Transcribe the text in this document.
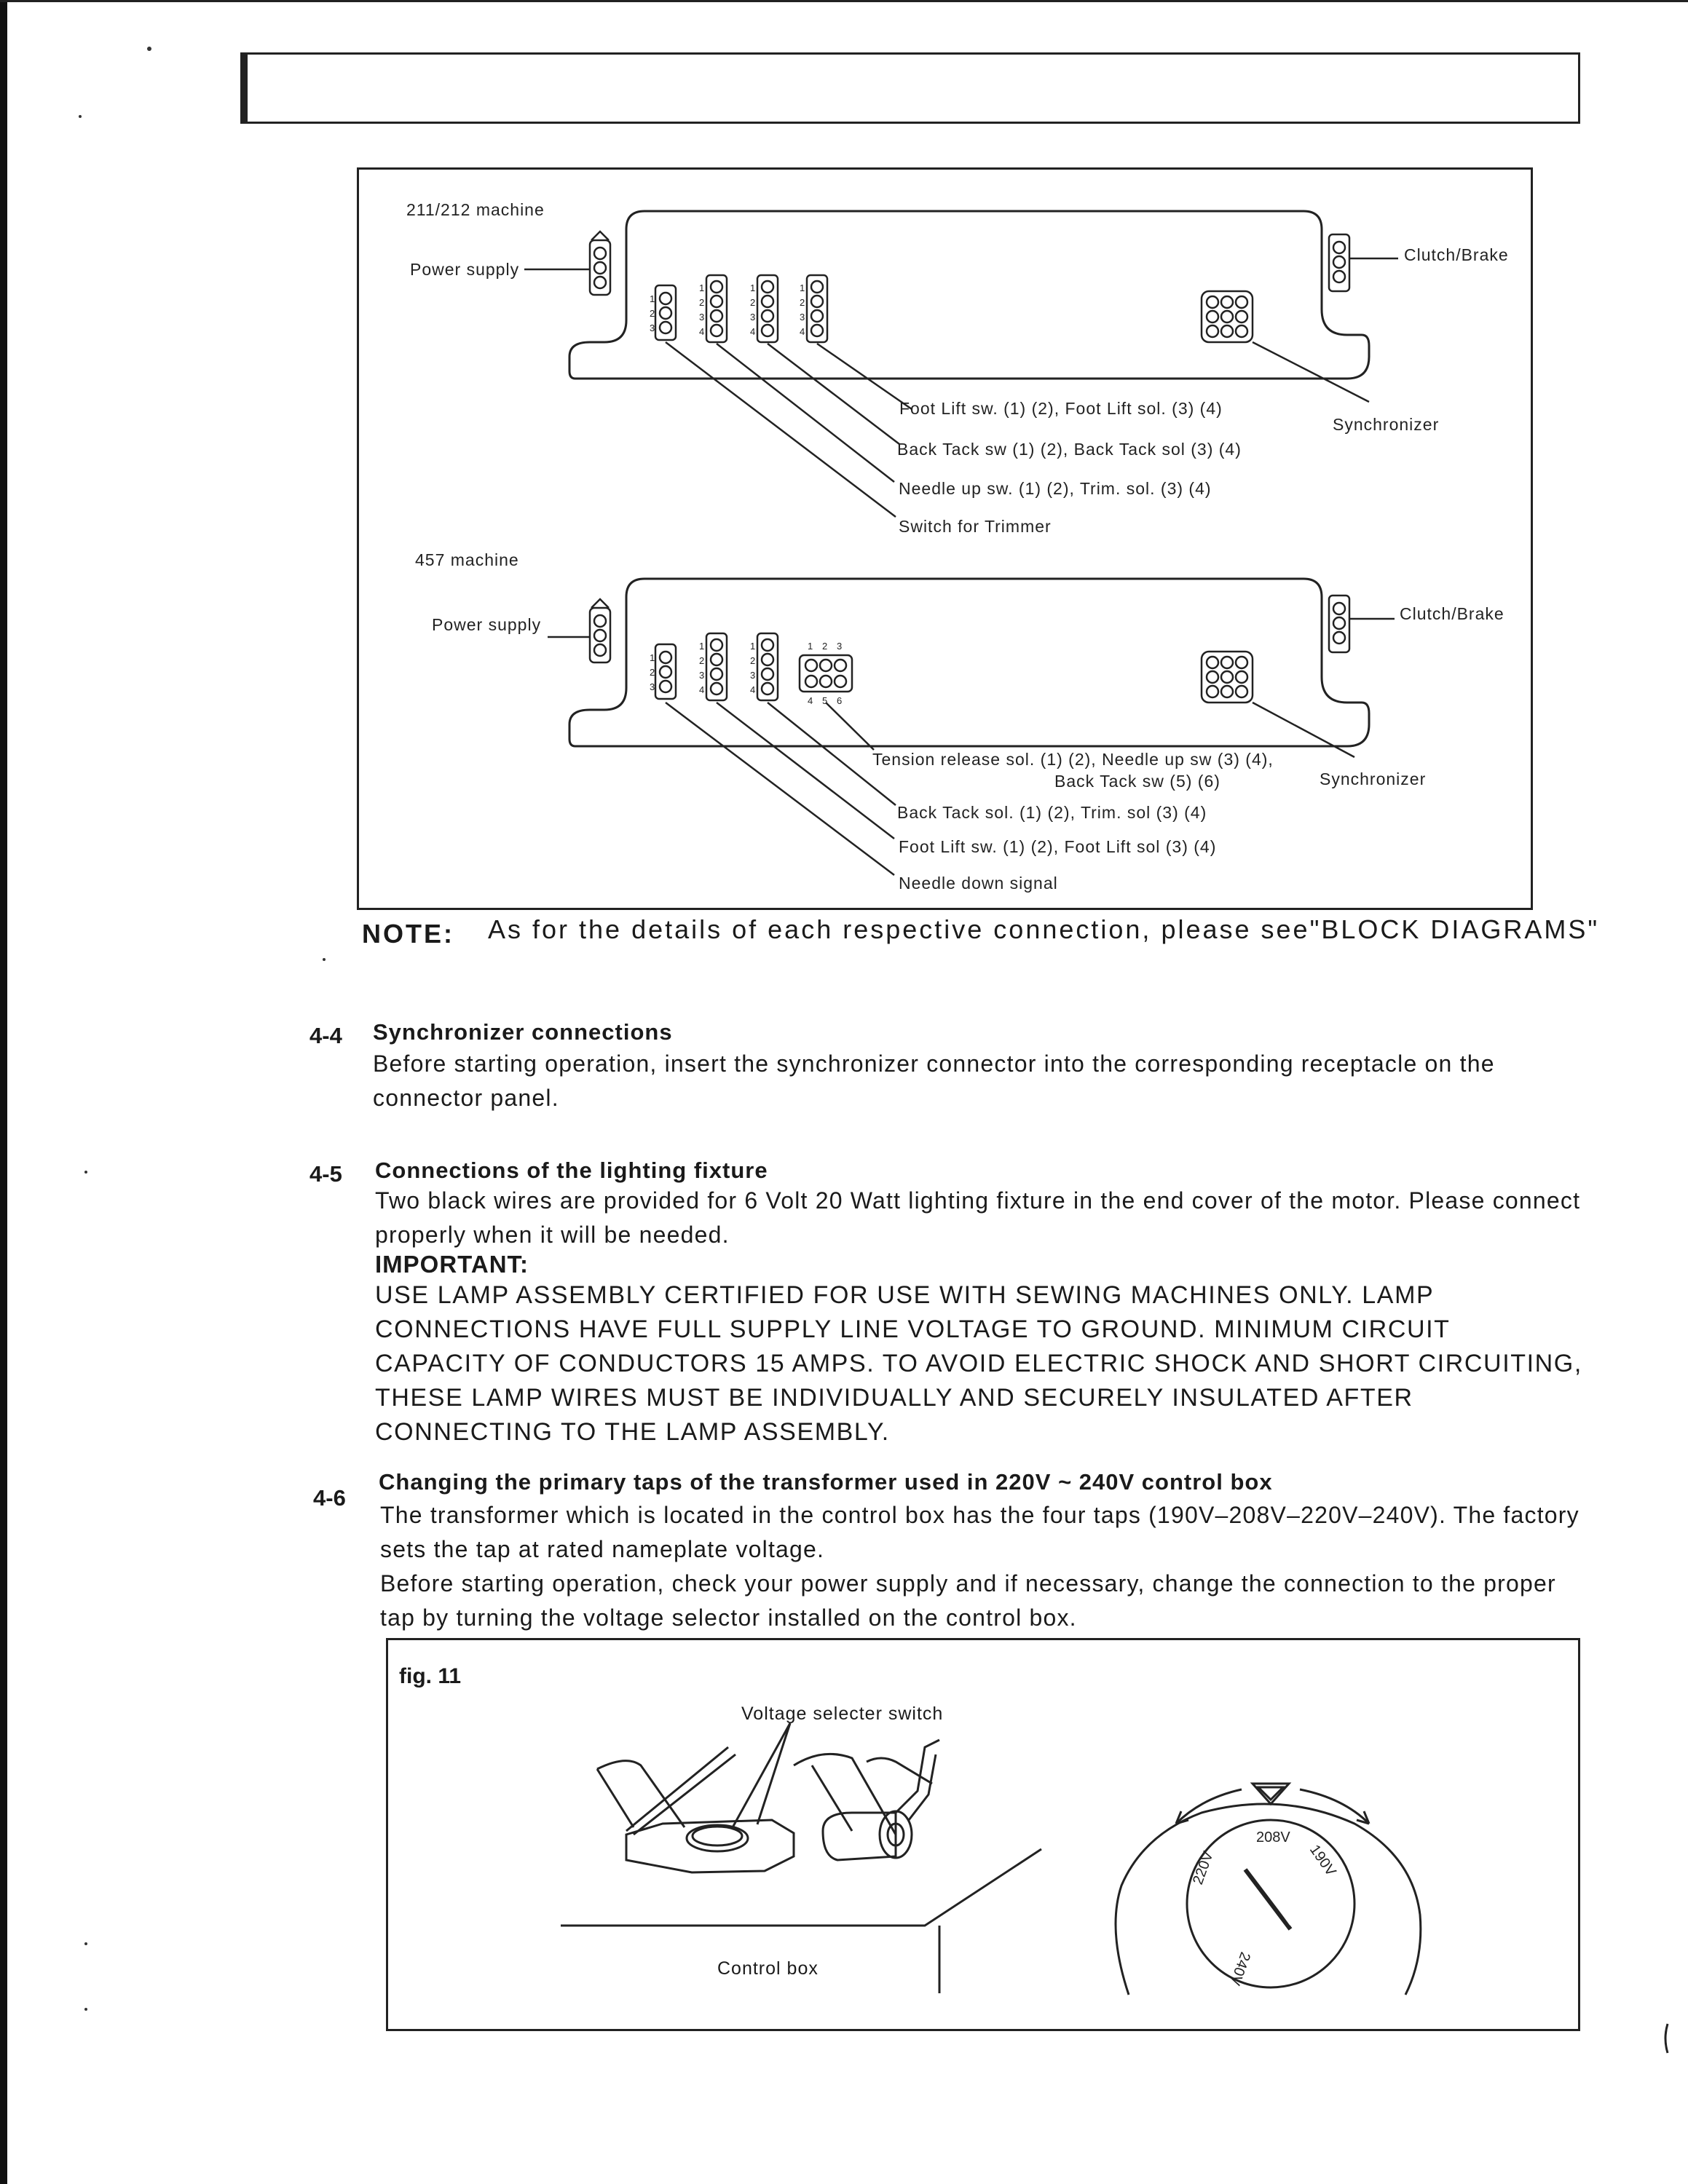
1
2
3
1
2
3
4
1
2
3
4
1
2
3
4
1
2
3
1
2
3
4
1
2
3
4
1 2 3
4 5 6
211/212 machine
Power supply
Clutch/Brake
Synchronizer
Foot Lift sw. (1) (2), Foot Lift sol. (3) (4)
Back Tack sw (1) (2), Back Tack sol (3) (4)
Needle up sw. (1) (2), Trim. sol. (3) (4)
Switch for Trimmer
457 machine
Power supply
Clutch/Brake
Synchronizer
Tension release sol. (1) (2), Needle up sw (3) (4),
Back Tack sw (5) (6)
Back Tack sol. (1) (2), Trim. sol (3) (4)
Foot Lift sw. (1) (2), Foot Lift sol (3) (4)
Needle down signal
NOTE: As for the details of each respective connection, please see"BLOCK DIAGRAMS"
4-4 Synchronizer connections
Before starting operation, insert the synchronizer connector into the corresponding receptacle on the connector panel.
4-5 Connections of the lighting fixture
Two black wires are provided for 6 Volt 20 Watt lighting fixture in the end cover of the motor. Please connect properly when it will be needed.
IMPORTANT:
USE LAMP ASSEMBLY CERTIFIED FOR USE WITH SEWING MACHINES ONLY. LAMP CONNECTIONS HAVE FULL SUPPLY LINE VOLTAGE TO GROUND. MINIMUM CIRCUIT CAPACITY OF CONDUCTORS 15 AMPS. TO AVOID ELECTRIC SHOCK AND SHORT CIRCUITING, THESE LAMP WIRES MUST BE INDIVIDUALLY AND SECURELY INSULATED AFTER CONNECTING TO THE LAMP ASSEMBLY.
4-6
Changing the primary taps of the transformer used in 220V ~ 240V control box
The transformer which is located in the control box has the four taps (190V–208V–220V–240V). The factory sets the tap at rated nameplate voltage.
Before starting operation, check your power supply and if necessary, change the connection to the proper tap by turning the voltage selector installed on the control box.
fig. 11
Voltage selecter switch
Control box
208V
190V
220V
240V
